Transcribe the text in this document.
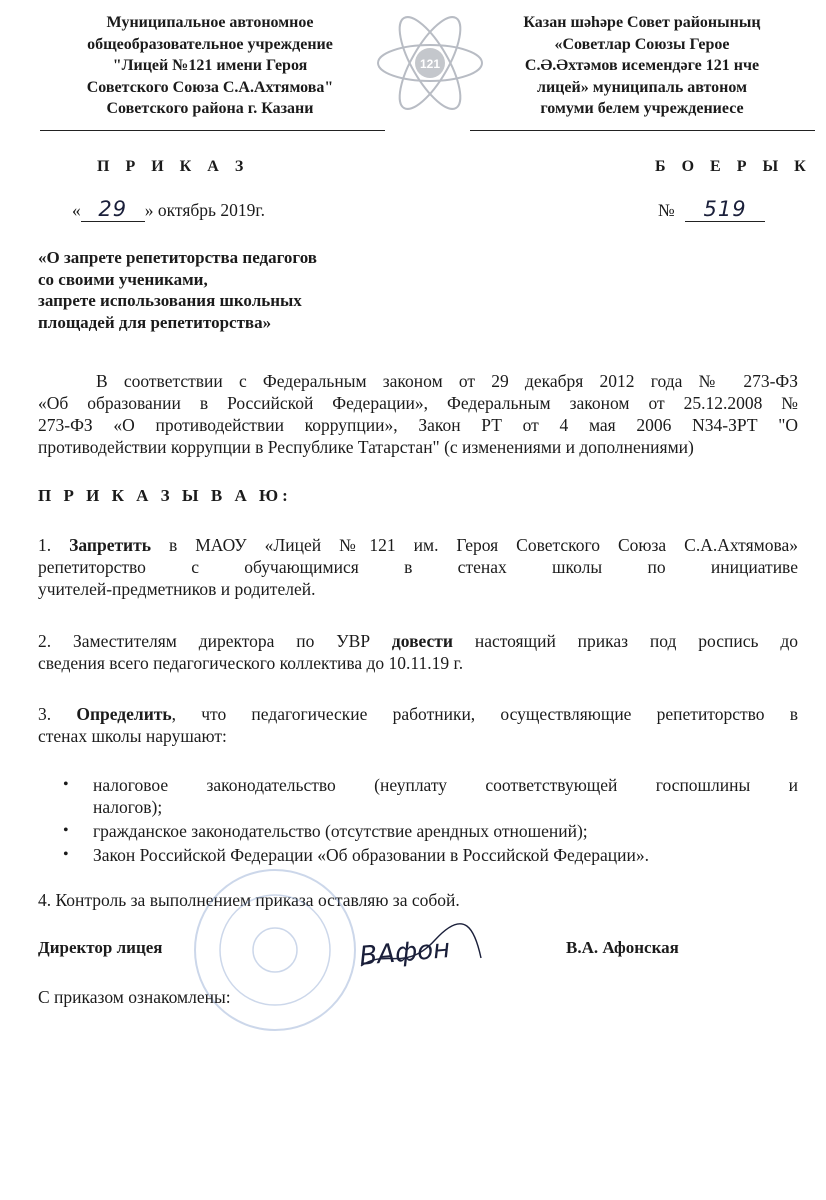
Муниципальное автономное
общеобразовательное учреждение
"Лицей №121 имени Героя
Советского Союза С.А.Ахтямова"
Советского района г. Казани
121
Казан шәһәре Совет районының
«Советлар Союзы Герое
С.Ә.Әхтәмов исемендәге 121 нче
лицей» муниципаль автоном
гомуми белем учреждениесе
П Р И К А З	Б О Е Р Ы К
« 29 » октябрь 2019г.	№ 519
«О запрете репетиторства педагогов
со своими учениками,
запрете использования школьных
площадей для репетиторства»
В соответствии с Федеральным законом от 29 декабря 2012 года № 273-ФЗ
«Об образовании в Российской Федерации», Федеральным законом от 25.12.2008 №
273-ФЗ «О противодействии коррупции», Закон РТ от 4 мая 2006 N34-ЗРТ "О
противодействии коррупции в Республике Татарстан" (с изменениями и дополнениями)
П Р И К А З Ы В А Ю:
1. Запретить в МАОУ «Лицей №121 им. Героя Советского Союза С.А.Ахтямова»
репетиторство с обучающимися в стенах школы по инициативе
учителей-предметников и родителей.
2. Заместителям директора по УВР довести настоящий приказ под роспись до
сведения всего педагогического коллектива до 10.11.19 г.
3. Определить, что педагогические работники, осуществляющие репетиторство в
стенах школы нарушают:
• налоговое законодательство (неуплату соответствующей госпошлины и
налогов);
• гражданское законодательство (отсутствие арендных отношений);
• Закон Российской Федерации «Об образовании в Российской Федерации».
4. Контроль за выполнением приказа оставляю за собой.
Директор лицея	ВАфон	В.А. Афонская
С приказом ознакомлены:
